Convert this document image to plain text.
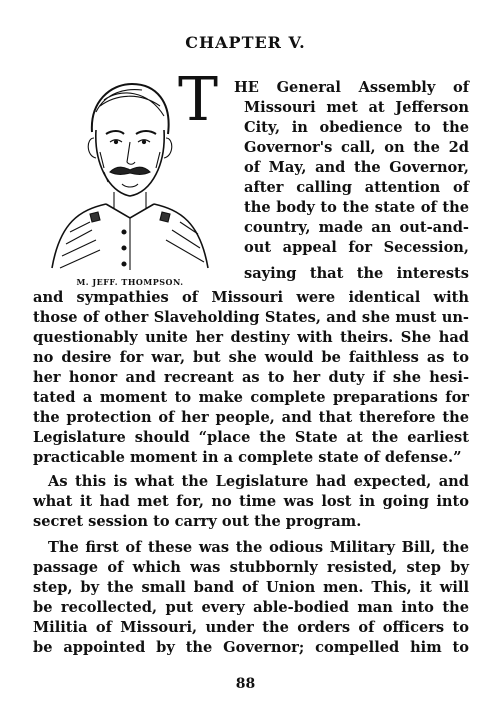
CHAPTER V.
M. JEFF. THOMPSON.
T HE General Assembly of
Missouri met at Jefferson
City, in obedience to the
Governor's call, on the 2d
of May, and the Governor,
after calling attention of
the body to the state of the
country, made an out-and-
out appeal for Secession,
saying that the interests
and sympathies of Missouri were identical with
those of other Slaveholding States, and she must un-
questionably unite her destiny with theirs. She had
no desire for war, but she would be faithless as to
her honor and recreant as to her duty if she hesi-
tated a moment to make complete preparations for
the protection of her people, and that therefore the
Legislature should “place the State at the earliest
practicable moment in a complete state of defense.”
As this is what the Legislature had expected, and
what it had met for, no time was lost in going into
secret session to carry out the program.
The first of these was the odious Military Bill, the
passage of which was stubbornly resisted, step by
step, by the small band of Union men. This, it will
be recollected, put every able-bodied man into the
Militia of Missouri, under the orders of officers to
be appointed by the Governor; compelled him to
88
